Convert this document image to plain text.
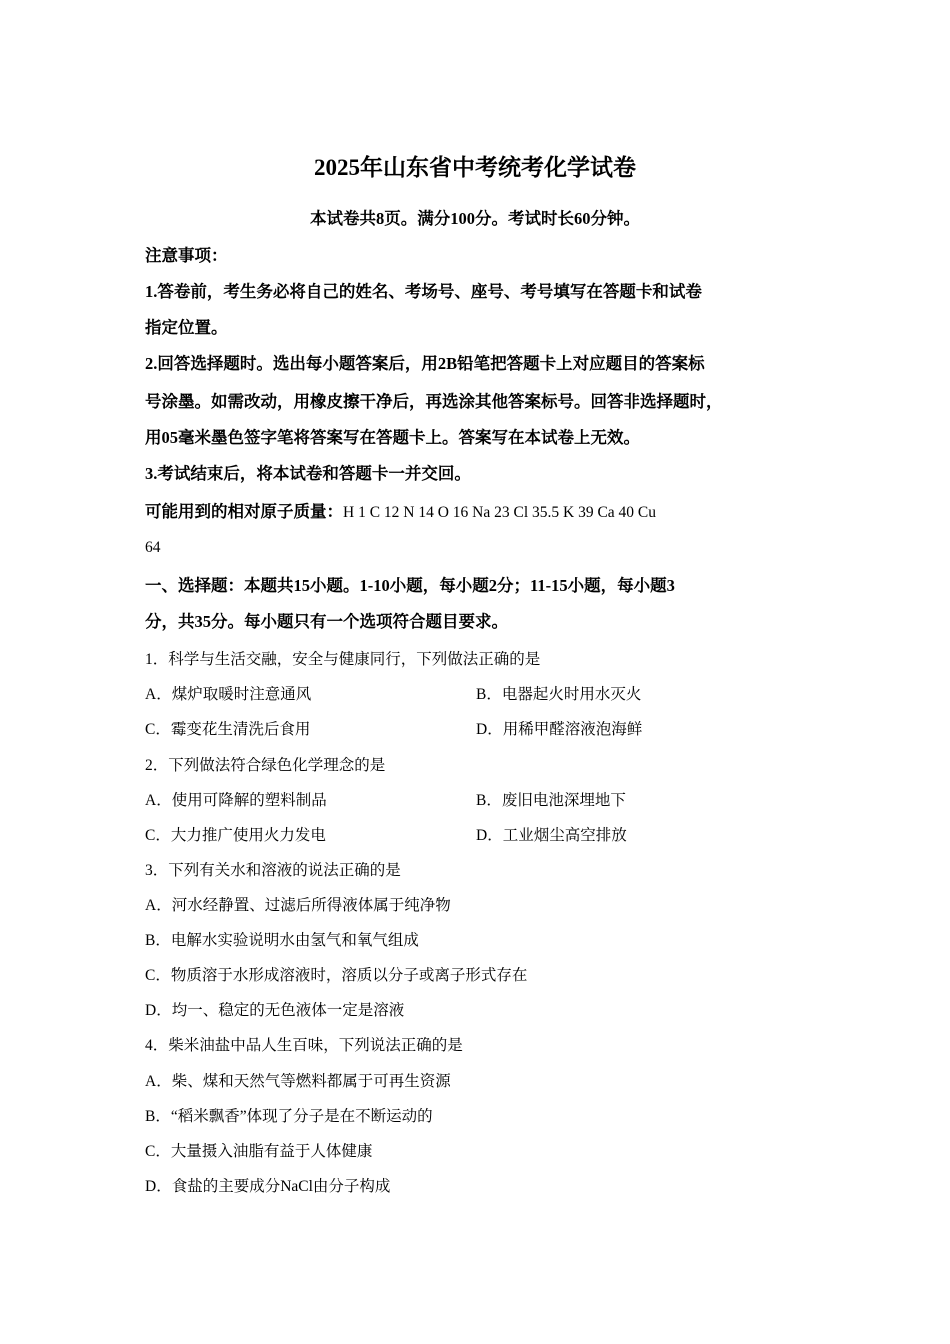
2025年山东省中考统考化学试卷
本试卷共8页。满分100分。考试时长60分钟。
注意事项：
1.答卷前，考生务必将自己的姓名、考场号、座号、考号填写在答题卡和试卷
指定位置。
2.回答选择题时。选出每小题答案后，用2B铅笔把答题卡上对应题目的答案标
号涂墨。如需改动，用橡皮擦干净后，再选涂其他答案标号。回答非选择题时，
用05毫米墨色签字笔将答案写在答题卡上。答案写在本试卷上无效。
3.考试结束后，将本试卷和答题卡一并交回。
可能用到的相对原子质量：H 1 C 12 N 14 O 16 Na 23 Cl 35.5 K 39 Ca 40 Cu
64
一、选择题：本题共15小题。1-10小题，每小题2分；11-15小题，每小题3
分，共35分。每小题只有一个选项符合题目要求。
1．科学与生活交融，安全与健康同行，下列做法正确的是
A．煤炉取暖时注意通风	B．电器起火时用水灭火
C．霉变花生清洗后食用	D．用稀甲醛溶液泡海鲜
2．下列做法符合绿色化学理念的是
A．使用可降解的塑料制品	B．废旧电池深埋地下
C．大力推广使用火力发电	D．工业烟尘高空排放
3．下列有关水和溶液的说法正确的是
A．河水经静置、过滤后所得液体属于纯净物
B．电解水实验说明水由氢气和氧气组成
C．物质溶于水形成溶液时，溶质以分子或离子形式存在
D．均一、稳定的无色液体一定是溶液
4．柴米油盐中品人生百味，下列说法正确的是
A．柴、煤和天然气等燃料都属于可再生资源
B．“稻米飘香”体现了分子是在不断运动的
C．大量摄入油脂有益于人体健康
D．食盐的主要成分NaCl由分子构成
